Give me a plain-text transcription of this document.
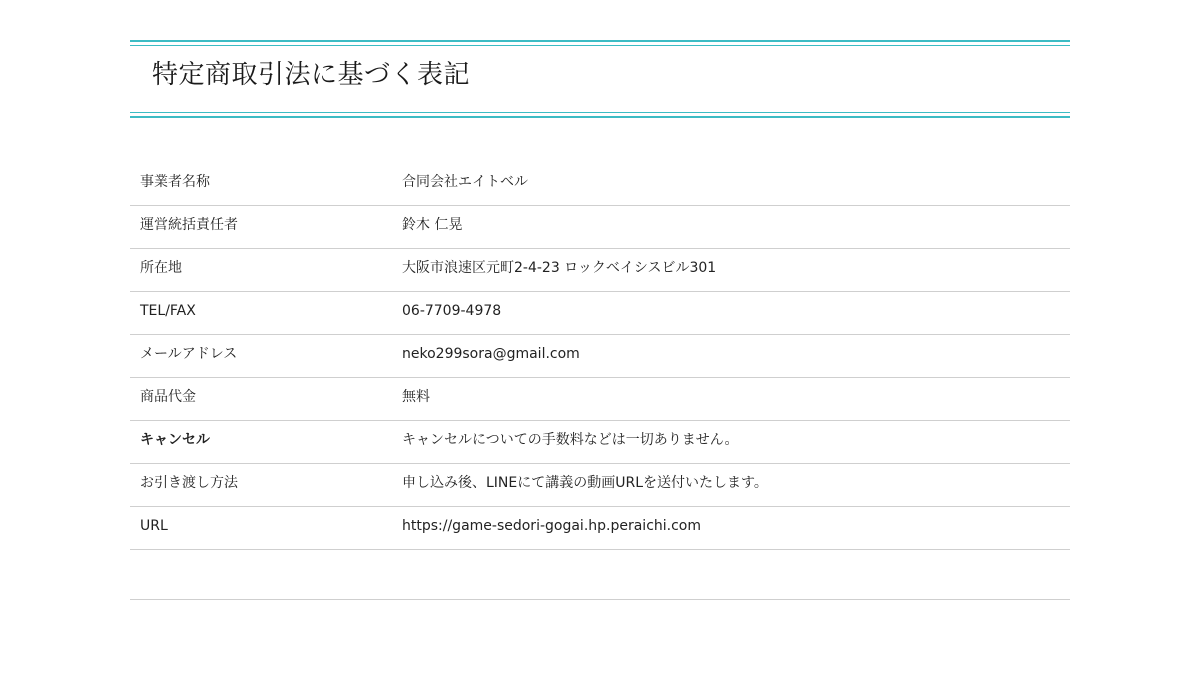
特定商取引法に基づく表記
事業者名称	合同会社エイトベル
運営統括責任者	鈴木 仁晃
所在地	大阪市浪速区元町2-4-23 ロックベイシスビル301
TEL/FAX	06-7709-4978
メールアドレス	neko299sora@gmail.com
商品代金	無料
キャンセル	キャンセルについての手数料などは一切ありません。
お引き渡し方法	申し込み後、LINEにて講義の動画URLを送付いたします。
URL	https://game-sedori-gogai.hp.peraichi.com
